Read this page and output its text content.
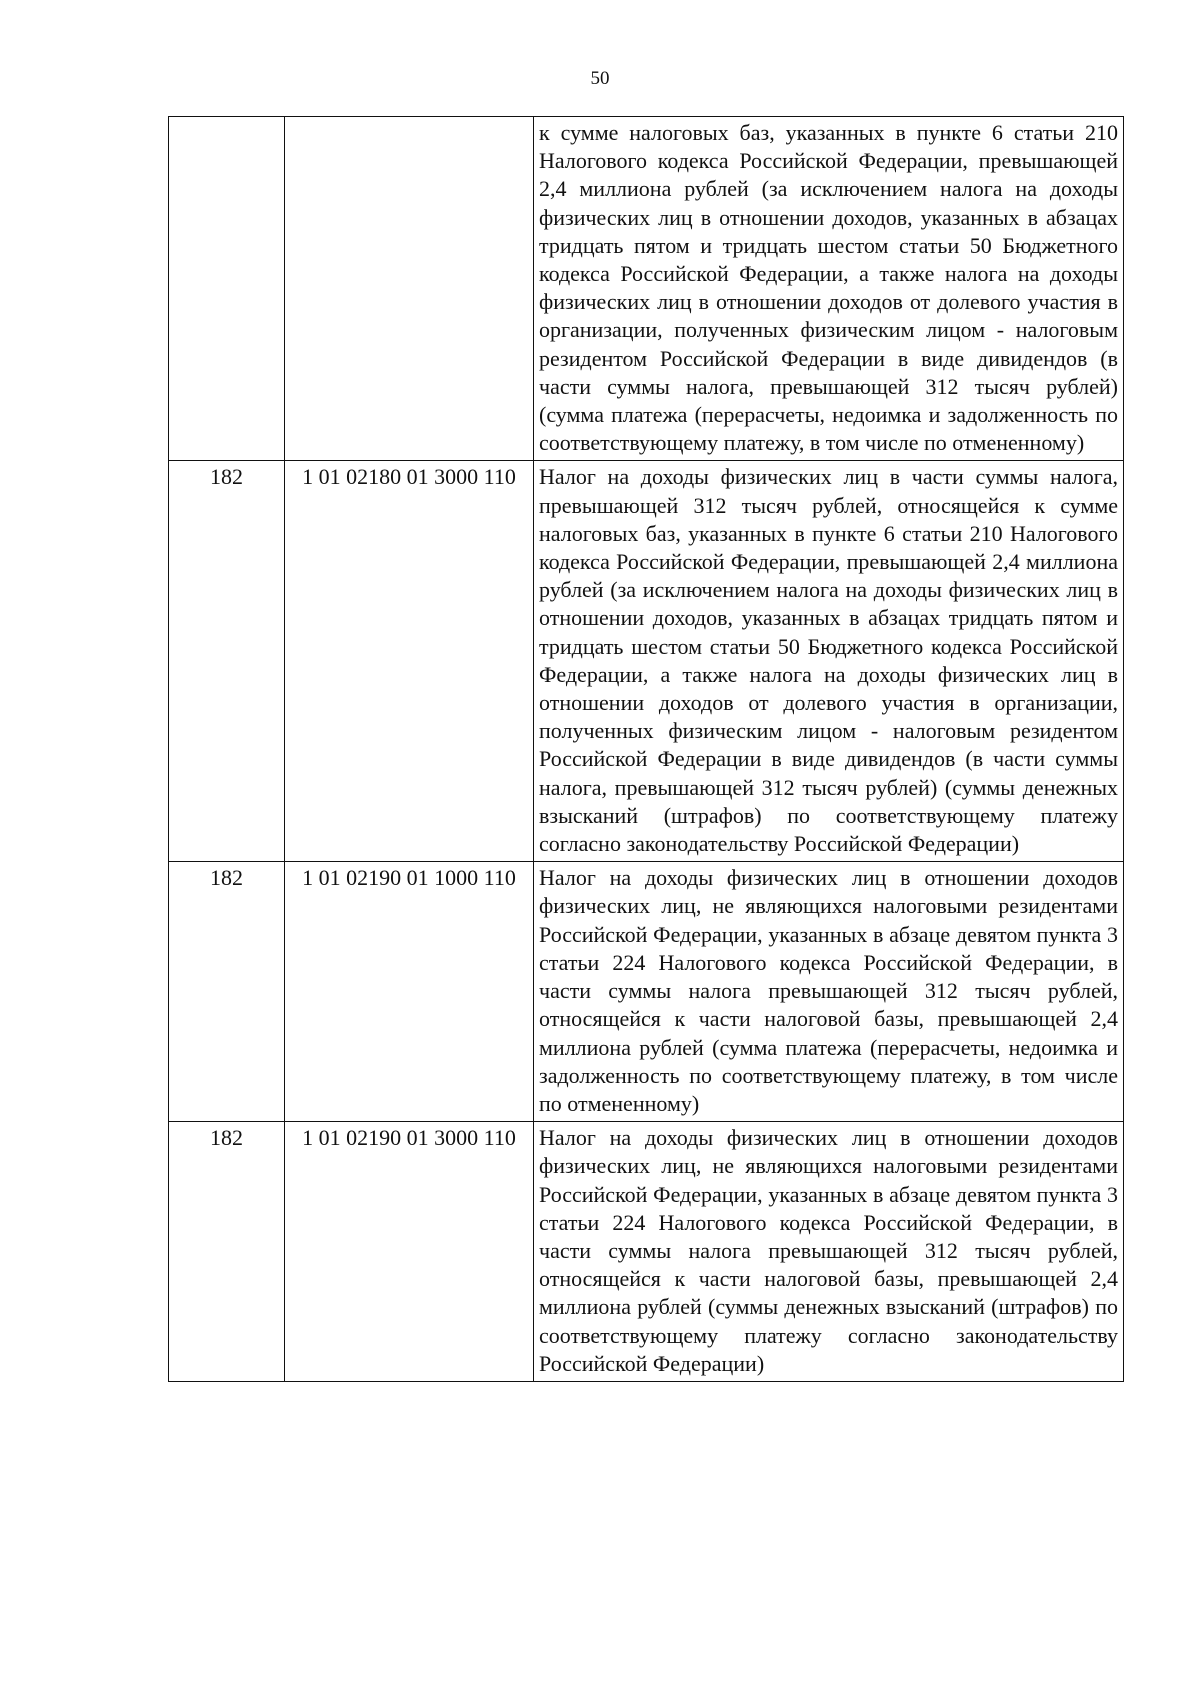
50
		к сумме налоговых баз, указанных в пункте 6 статьи 210 Налогового кодекса Российской Федерации, превышающей 2,4 миллиона рублей (за исключением налога на доходы физических лиц в отношении доходов, указанных в абзацах тридцать пятом и тридцать шестом статьи 50 Бюджетного кодекса Российской Федерации, а также налога на доходы физических лиц в отношении доходов от долевого участия в организации, полученных физическим лицом - налоговым резидентом Российской Федерации в виде дивидендов (в части суммы налога, превышающей 312 тысяч рублей) (сумма платежа (перерасчеты, недоимка и задолженность по соответствующему платежу, в том числе по отмененному)
182	1 01 02180 01 3000 110	Налог на доходы физических лиц в части суммы налога, превышающей 312 тысяч рублей, относящейся к сумме налоговых баз, указанных в пункте 6 статьи 210 Налогового кодекса Российской Федерации, превышающей 2,4 миллиона рублей (за исключением налога на доходы физических лиц в отношении доходов, указанных в абзацах тридцать пятом и тридцать шестом статьи 50 Бюджетного кодекса Российской Федерации, а также налога на доходы физических лиц в отношении доходов от долевого участия в организации, полученных физическим лицом - налоговым резидентом Российской Федерации в виде дивидендов (в части суммы налога, превышающей 312 тысяч рублей) (суммы денежных взысканий (штрафов) по соответствующему платежу согласно законодательству Российской Федерации)
182	1 01 02190 01 1000 110	Налог на доходы физических лиц в отношении доходов физических лиц, не являющихся налоговыми резидентами Российской Федерации, указанных в абзаце девятом пункта 3 статьи 224 Налогового кодекса Российской Федерации, в части суммы налога превышающей 312 тысяч рублей, относящейся к части налоговой базы, превышающей 2,4 миллиона рублей (сумма платежа (перерасчеты, недоимка и задолженность по соответствующему платежу, в том числе по отмененному)
182	1 01 02190 01 3000 110	Налог на доходы физических лиц в отношении доходов физических лиц, не являющихся налоговыми резидентами Российской Федерации, указанных в абзаце девятом пункта 3 статьи 224 Налогового кодекса Российской Федерации, в части суммы налога превышающей 312 тысяч рублей, относящейся к части налоговой базы, превышающей 2,4 миллиона рублей (суммы денежных взысканий (штрафов) по соответствующему платежу согласно законодательству Российской Федерации)
